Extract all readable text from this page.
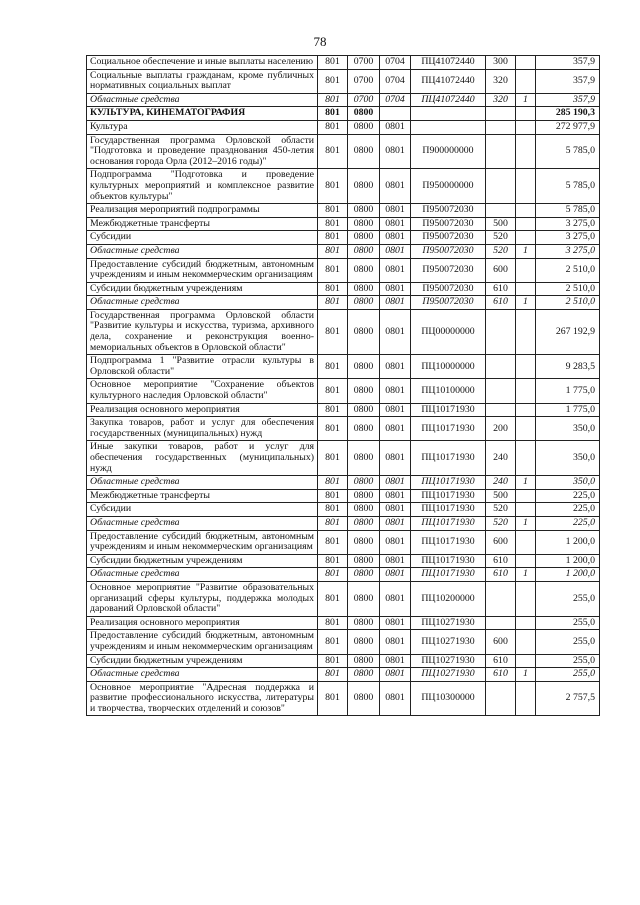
78
Социальное обеспечение и иные выплаты населению	801	0700	0704	ПЦ41072440	300		357,9
Социальные выплаты гражданам, кроме публичных нормативных социальных выплат	801	0700	0704	ПЦ41072440	320		357,9
Областные средства	801	0700	0704	ПЦ41072440	320	1	357,9
КУЛЬТУРА, КИНЕМАТОГРАФИЯ	801	0800					285 190,3
Культура	801	0800	0801				272 977,9
Государственная программа Орловской области "Подготовка и проведение празднования 450-летия основания города Орла (2012–2016 годы)"	801	0800	0801	П900000000			5 785,0
Подпрограмма "Подготовка и проведение культурных мероприятий и комплексное развитие объектов культуры"	801	0800	0801	П950000000			5 785,0
Реализация мероприятий подпрограммы	801	0800	0801	П950072030			5 785,0
Межбюджетные трансферты	801	0800	0801	П950072030	500		3 275,0
Субсидии	801	0800	0801	П950072030	520		3 275,0
Областные средства	801	0800	0801	П950072030	520	1	3 275,0
Предоставление субсидий бюджетным, автономным учреждениям и иным некоммерческим организациям	801	0800	0801	П950072030	600		2 510,0
Субсидии бюджетным учреждениям	801	0800	0801	П950072030	610		2 510,0
Областные средства	801	0800	0801	П950072030	610	1	2 510,0
Государственная программа Орловской области "Развитие культуры и искусства, туризма, архивного дела, сохранение и реконструкция военно-мемориальных объектов в Орловской области"	801	0800	0801	ПЦ00000000			267 192,9
Подпрограмма 1 "Развитие отрасли культуры в Орловской области"	801	0800	0801	ПЦ10000000			9 283,5
Основное мероприятие "Сохранение объектов культурного наследия Орловской области"	801	0800	0801	ПЦ10100000			1 775,0
Реализация основного мероприятия	801	0800	0801	ПЦ10171930			1 775,0
Закупка товаров, работ и услуг для обеспечения государственных (муниципальных) нужд	801	0800	0801	ПЦ10171930	200		350,0
Иные закупки товаров, работ и услуг для обеспечения государственных (муниципальных) нужд	801	0800	0801	ПЦ10171930	240		350,0
Областные средства	801	0800	0801	ПЦ10171930	240	1	350,0
Межбюджетные трансферты	801	0800	0801	ПЦ10171930	500		225,0
Субсидии	801	0800	0801	ПЦ10171930	520		225,0
Областные средства	801	0800	0801	ПЦ10171930	520	1	225,0
Предоставление субсидий бюджетным, автономным учреждениям и иным некоммерческим организациям	801	0800	0801	ПЦ10171930	600		1 200,0
Субсидии бюджетным учреждениям	801	0800	0801	ПЦ10171930	610		1 200,0
Областные средства	801	0800	0801	ПЦ10171930	610	1	1 200,0
Основное мероприятие "Развитие образовательных организаций сферы культуры, поддержка молодых дарований Орловской области"	801	0800	0801	ПЦ10200000			255,0
Реализация основного мероприятия	801	0800	0801	ПЦ10271930			255,0
Предоставление субсидий бюджетным, автономным учреждениям и иным некоммерческим организациям	801	0800	0801	ПЦ10271930	600		255,0
Субсидии бюджетным учреждениям	801	0800	0801	ПЦ10271930	610		255,0
Областные средства	801	0800	0801	ПЦ10271930	610	1	255,0
Основное мероприятие "Адресная поддержка и развитие профессионального искусства, литературы и творчества, творческих отделений и союзов"	801	0800	0801	ПЦ10300000			2 757,5
